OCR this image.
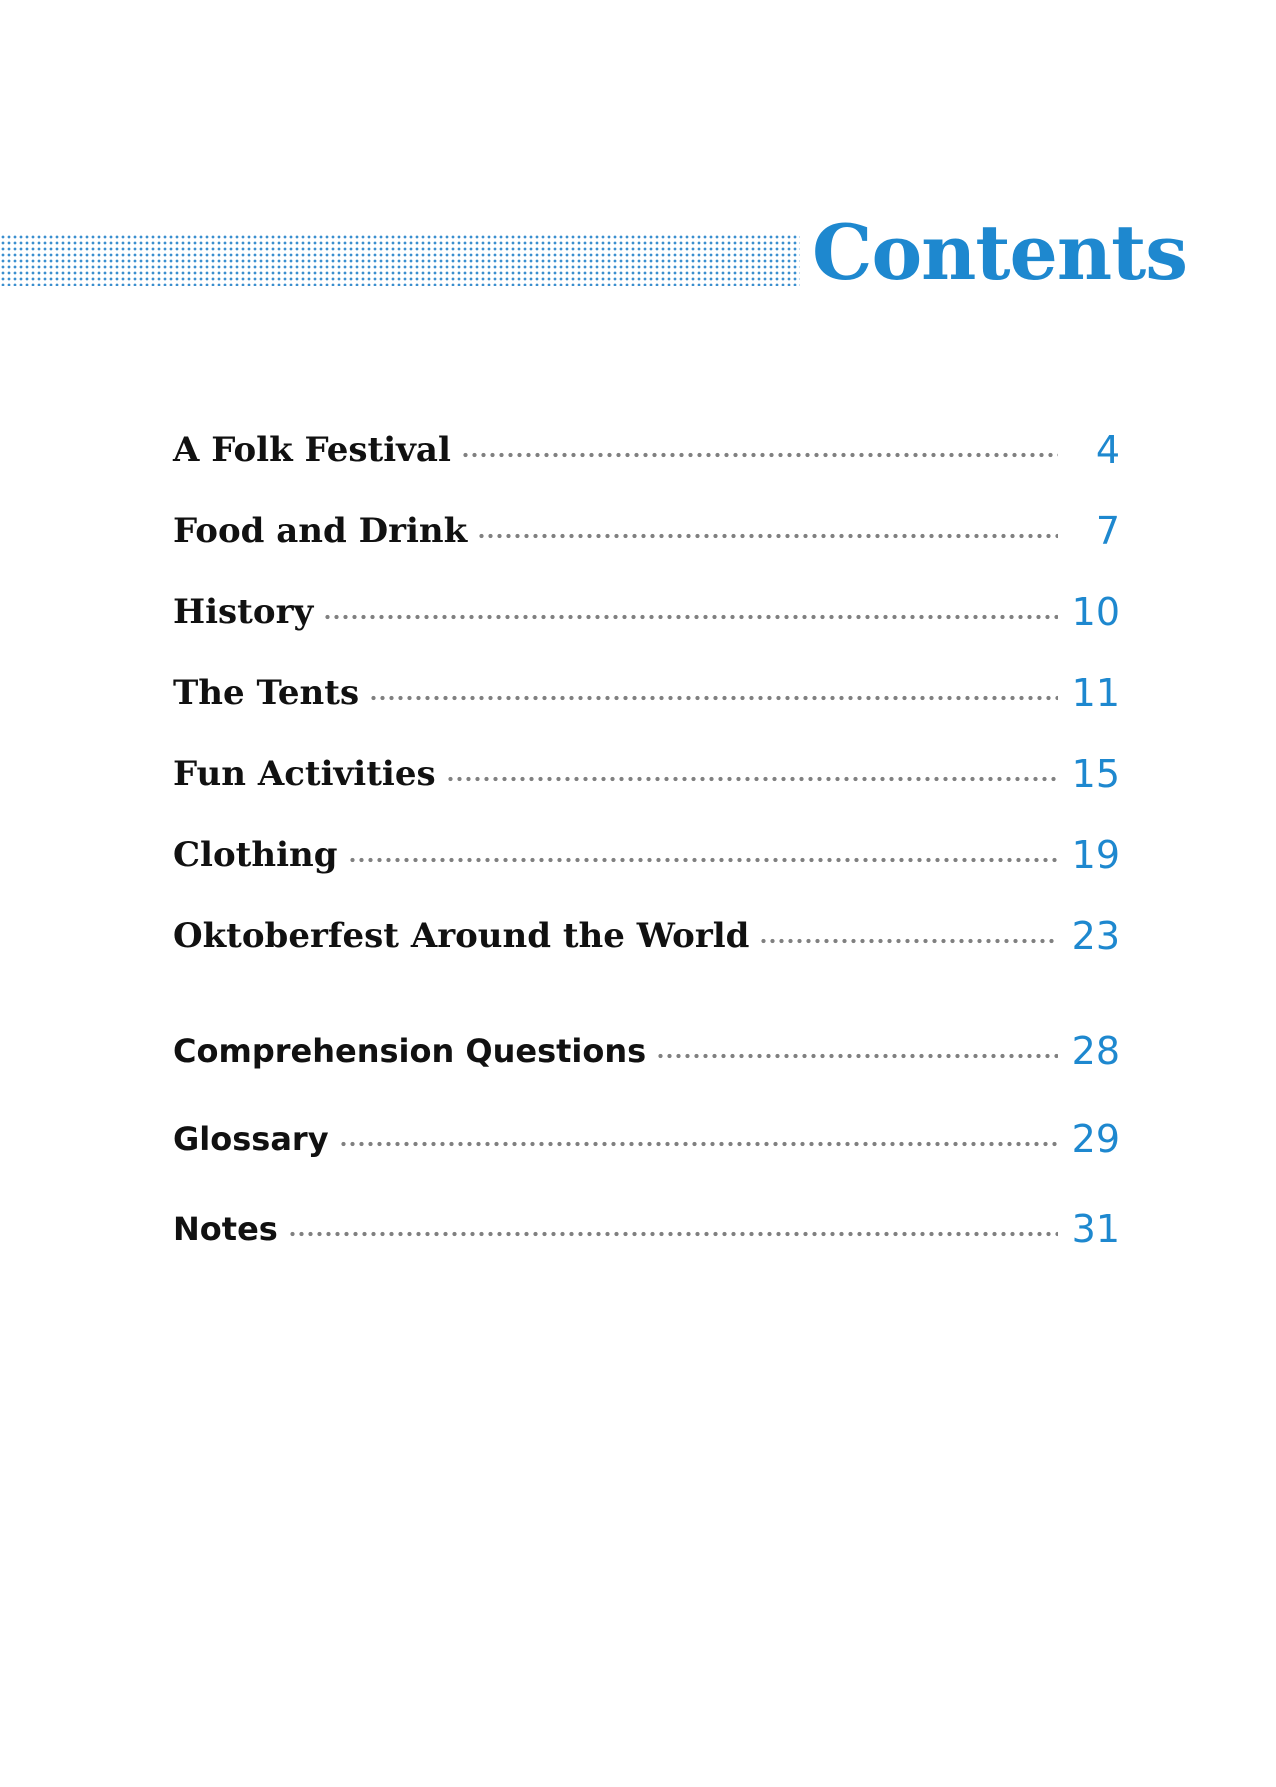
Contents
A Folk Festival	4
Food and Drink	7
History	10
The Tents	11
Fun Activities	15
Clothing	19
Oktoberfest Around the World	23
Comprehension Questions	28
Glossary	29
Notes	31
